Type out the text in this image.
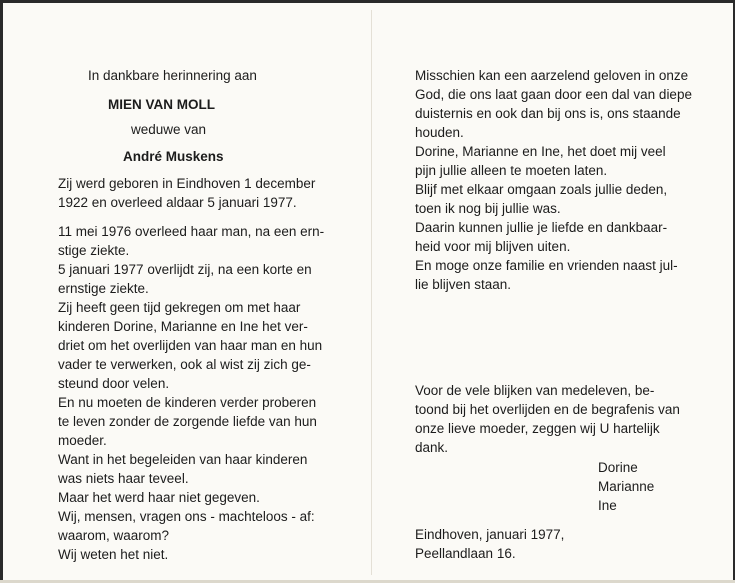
In dankbare herinnering aan
MIEN VAN MOLL
weduwe van
André Muskens
Zij werd geboren in Eindhoven 1 december
1922 en overleed aldaar 5 januari 1977.
11 mei 1976 overleed haar man, na een ern-
stige ziekte.
5 januari 1977 overlijdt zij, na een korte en
ernstige ziekte.
Zij heeft geen tijd gekregen om met haar
kinderen Dorine, Marianne en Ine het ver-
driet om het overlijden van haar man en hun
vader te verwerken, ook al wist zij zich ge-
steund door velen.
En nu moeten de kinderen verder proberen
te leven zonder de zorgende liefde van hun
moeder.
Want in het begeleiden van haar kinderen
was niets haar teveel.
Maar het werd haar niet gegeven.
Wij, mensen, vragen ons - machteloos - af:
waarom, waarom?
Wij weten het niet.
Misschien kan een aarzelend geloven in onze
God, die ons laat gaan door een dal van diepe
duisternis en ook dan bij ons is, ons staande
houden.
Dorine, Marianne en Ine, het doet mij veel
pijn jullie alleen te moeten laten.
Blijf met elkaar omgaan zoals jullie deden,
toen ik nog bij jullie was.
Daarin kunnen jullie je liefde en dankbaar-
heid voor mij blijven uiten.
En moge onze familie en vrienden naast jul-
lie blijven staan.
Voor de vele blijken van medeleven, be-
toond bij het overlijden en de begrafenis van
onze lieve moeder, zeggen wij U hartelijk
dank.
Dorine
Marianne
Ine
Eindhoven, januari 1977,
Peellandlaan 16.
